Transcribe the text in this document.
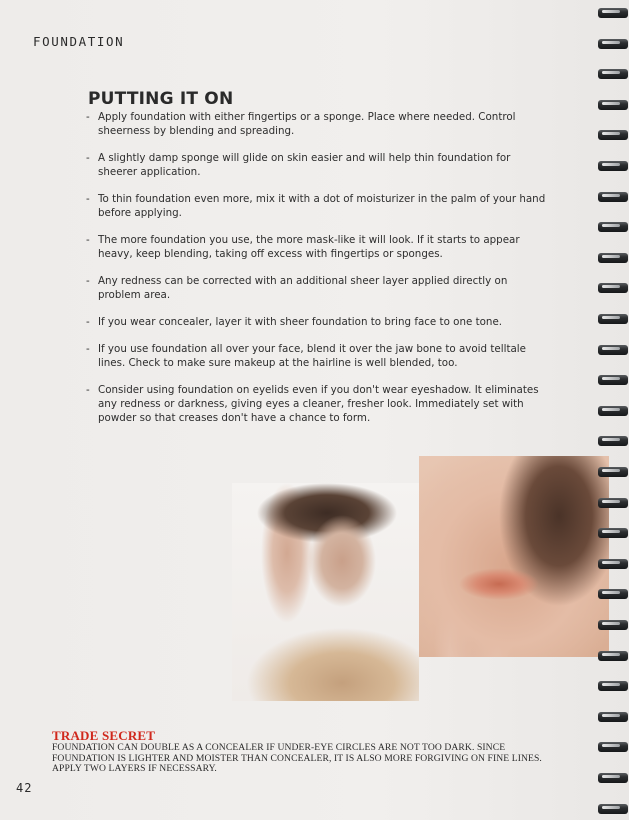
FOUNDATION
PUTTING IT ON
- Apply foundation with either fingertips or a sponge. Place where needed. Control sheerness by blending and spreading.
- A slightly damp sponge will glide on skin easier and will help thin foundation for sheerer application.
- To thin foundation even more, mix it with a dot of moisturizer in the palm of your hand before applying.
- The more foundation you use, the more mask-like it will look. If it starts to appear heavy, keep blending, taking off excess with fingertips or sponges.
- Any redness can be corrected with an additional sheer layer applied directly on problem area.
- If you wear concealer, layer it with sheer foundation to bring face to one tone.
- If you use foundation all over your face, blend it over the jaw bone to avoid telltale lines. Check to make sure makeup at the hairline is well blended, too.
- Consider using foundation on eyelids even if you don't wear eyeshadow. It eliminates any redness or darkness, giving eyes a cleaner, fresher look. Immediately set with powder so that creases don't have a chance to form.
TRADE SECRET
FOUNDATION CAN DOUBLE AS A CONCEALER IF UNDER-EYE CIRCLES ARE NOT TOO DARK. SINCE FOUNDATION IS LIGHTER AND MOISTER THAN CONCEALER, IT IS ALSO MORE FORGIVING ON FINE LINES. APPLY TWO LAYERS IF NECESSARY.
42
